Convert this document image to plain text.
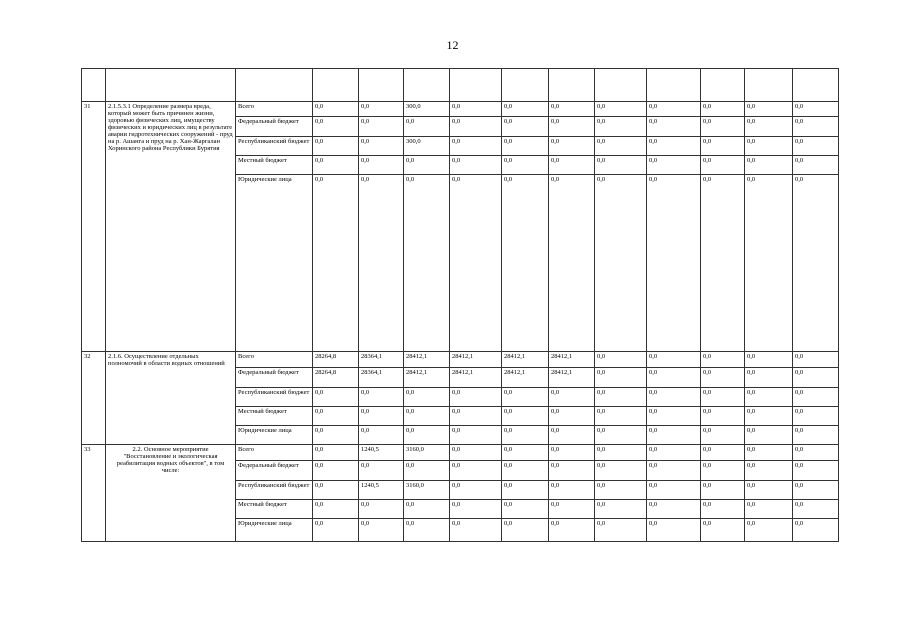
12

31	2.1.5.3.1 Определение размера вреда, который может быть причинен жизни, здоровью физических лиц, имуществу физических и юридических лиц в результате аварии гидротехнических сооружений - пруд на р. Ашанга и пруд на р. Хан-Жаргалан Хоринского района Республики Бурятия	Всего	0,0	0,0	300,0	0,0	0,0	0,0	0,0	0,0	0,0	0,0	0,0
		Федеральный бюджет	0,0	0,0	0,0	0,0	0,0	0,0	0,0	0,0	0,0	0,0	0,0
		Республиканский бюджет	0,0	0,0	300,0	0,0	0,0	0,0	0,0	0,0	0,0	0,0	0,0
		Местный бюджет	0,0	0,0	0,0	0,0	0,0	0,0	0,0	0,0	0,0	0,0	0,0
		Юридические лица	0,0	0,0	0,0	0,0	0,0	0,0	0,0	0,0	0,0	0,0	0,0
32	2.1.6. Осуществление отдельных полномочий в области водных отношений	Всего	28264,8	28364,1	28412,1	28412,1	28412,1	28412,1	0,0	0,0	0,0	0,0	0,0
		Федеральный бюджет	28264,8	28364,1	28412,1	28412,1	28412,1	28412,1	0,0	0,0	0,0	0,0	0,0
		Республиканский бюджет	0,0	0,0	0,0	0,0	0,0	0,0	0,0	0,0	0,0	0,0	0,0
		Местный бюджет	0,0	0,0	0,0	0,0	0,0	0,0	0,0	0,0	0,0	0,0	0,0
		Юридические лица	0,0	0,0	0,0	0,0	0,0	0,0	0,0	0,0	0,0	0,0	0,0
33	2.2. Основное мероприятие "Восстановление и экологическая реабилитация водных объектов", в том числе:	Всего	0,0	1240,5	3160,0	0,0	0,0	0,0	0,0	0,0	0,0	0,0	0,0
		Федеральный бюджет	0,0	0,0	0,0	0,0	0,0	0,0	0,0	0,0	0,0	0,0	0,0
		Республиканский бюджет	0,0	1240,5	3160,0	0,0	0,0	0,0	0,0	0,0	0,0	0,0	0,0
		Местный бюджет	0,0	0,0	0,0	0,0	0,0	0,0	0,0	0,0	0,0	0,0	0,0
		Юридические лица	0,0	0,0	0,0	0,0	0,0	0,0	0,0	0,0	0,0	0,0	0,0
